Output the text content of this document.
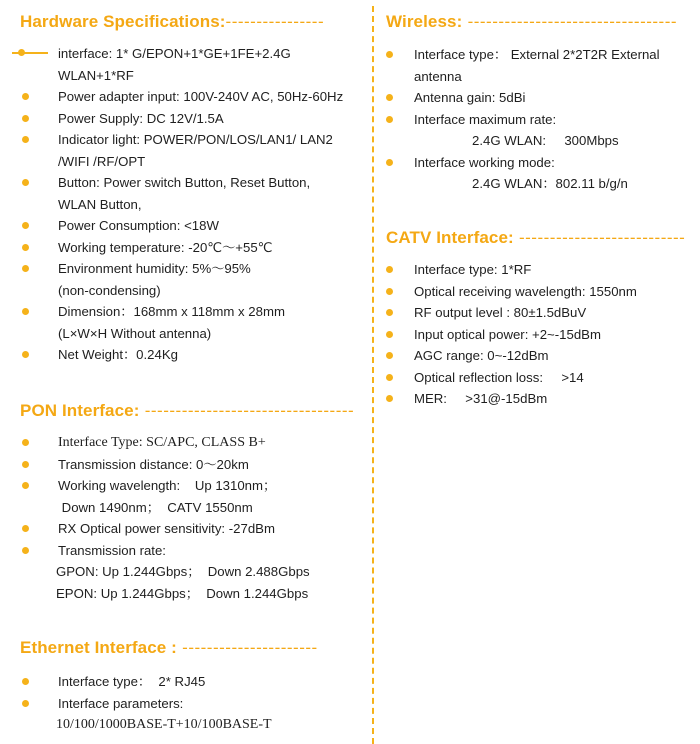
Hardware Specifications:----------------
interface: 1* G/EPON+1*GE+1FE+2.4G
WLAN+1*RF
Power adapter input: 100V-240V AC, 50Hz-60Hz
Power Supply: DC 12V/1.5A
Indicator light: POWER/PON/LOS/LAN1/ LAN2
/WIFI /RF/OPT
Button: Power switch Button, Reset Button,
WLAN Button,
Power Consumption: <18W
Working temperature: -20℃～+55℃
Environment humidity: 5%～95%
(non-condensing)
Dimension：168mm x 118mm x 28mm
(L×W×H Without antenna)
Net Weight：0.24Kg
PON Interface: ----------------------------------
Interface Type: SC/APC, CLASS B+
Transmission distance: 0～20km
Working wavelength:    Up 1310nm；
Down 1490nm；  CATV 1550nm
RX Optical power sensitivity: -27dBm
Transmission rate:
GPON: Up 1.244Gbps；  Down 2.488Gbps
EPON: Up 1.244Gbps；  Down 1.244Gbps
Ethernet Interface : ----------------------
Interface type：  2* RJ45
Interface parameters:
10/100/1000BASE-T+10/100BASE-T
Wireless: ----------------------------------
Interface type： External 2*2T2R External
antenna
Antenna gain: 5dBi
Interface maximum rate:
2.4G WLAN:     300Mbps
Interface working mode:
2.4G WLAN：802.11 b/g/n
CATV Interface: ---------------------------
Interface type: 1*RF
Optical receiving wavelength: 1550nm
RF output level : 80±1.5dBuV
Input optical power: +2~-15dBm
AGC range: 0~-12dBm
Optical reflection loss:     >14
MER:     >31@-15dBm
